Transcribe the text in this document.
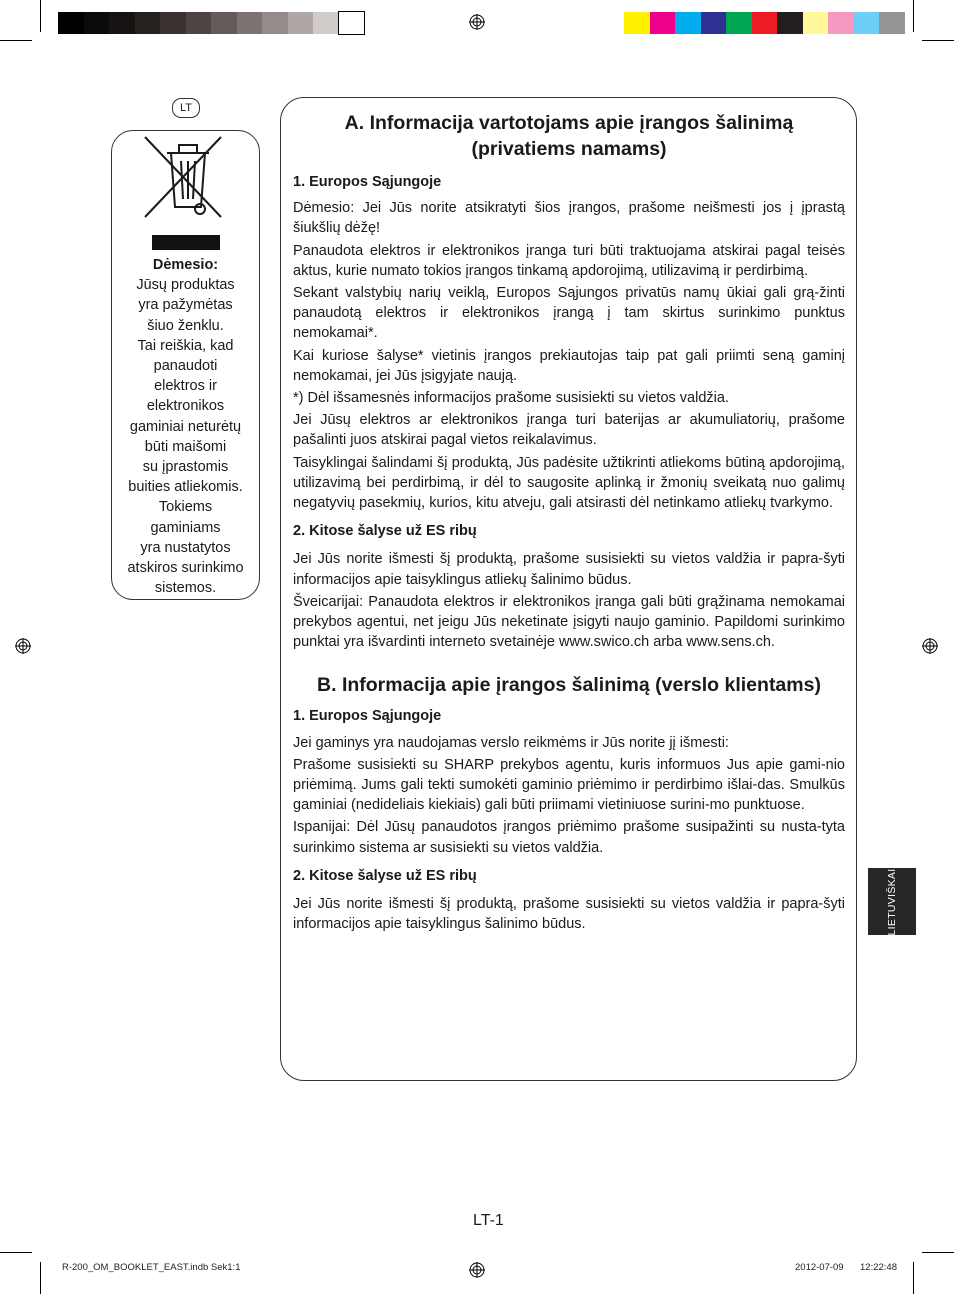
LT
Dėmesio:
Jūsų produktas
yra pažymėtas
šiuo ženklu.
Tai reiškia, kad
panaudoti
elektros ir
elektronikos
gaminiai neturėtų
būti maišomi
su įprastomis
buities atliekomis.
Tokiems
gaminiams
yra nustatytos
atskiros surinkimo
sistemos.
A. Informacija vartotojams apie įrangos šalinimą
(privatiems namams)
1. Europos Sąjungoje

Dėmesio: Jei Jūs norite atsikratyti šios įrangos, prašome neišmesti jos į įprastą šiukšlių dėžę!

Panaudota elektros ir elektronikos įranga turi būti traktuojama atskirai pagal teisės aktus, kurie numato tokios įrangos tinkamą apdorojimą, utilizavimą ir perdirbimą.

Sekant valstybių narių veiklą, Europos Sąjungos privatūs namų ūkiai gali grą-žinti panaudotą elektros ir elektronikos įrangą į tam skirtus surinkimo punktus nemokamai*.

Kai kuriose šalyse* vietinis įrangos prekiautojas taip pat gali priimti seną gaminį nemokamai, jei Jūs įsigyjate naują.

*) Dėl išsamesnės informacijos prašome susisiekti su vietos valdžia.

Jei Jūsų elektros ar elektronikos įranga turi baterijas ar akumuliatorių, prašome pašalinti juos atskirai pagal vietos reikalavimus.

Taisyklingai šalindami šį produktą, Jūs padėsite užtikrinti atliekoms būtiną apdorojimą, utilizavimą bei perdirbimą, ir dėl to saugosite aplinką ir žmonių sveikatą nuo galimų negatyvių pasekmių, kurios, kitu atveju, gali atsirasti dėl netinkamo atliekų tvarkymo.

2. Kitose šalyse už ES ribų

Jei Jūs norite išmesti šį produktą, prašome susisiekti su vietos valdžia ir papra-šyti informacijos apie taisyklingus atliekų šalinimo būdus.

Šveicarijai: Panaudota elektros ir elektronikos įranga gali būti grąžinama nemokamai prekybos agentui, net jeigu Jūs neketinate įsigyti naujo gaminio. Papildomi surinkimo punktai yra išvardinti interneto svetainėje www.swico.ch arba www.sens.ch.

B. Informacija apie įrangos šalinimą (verslo klientams)
1. Europos Sąjungoje

Jei gaminys yra naudojamas verslo reikmėms ir Jūs norite jį išmesti:

Prašome susisiekti su SHARP prekybos agentu, kuris informuos Jus apie gami-nio priėmimą. Jums gali tekti sumokėti gaminio priėmimo ir perdirbimo išlai-das. Smulkūs gaminiai (nedideliais kiekiais) gali būti priimami vietiniuose surini-mo punktuose.

Ispanijai: Dėl Jūsų panaudotos įrangos priėmimo prašome susipažinti su nusta-tyta surinkimo sistema ar susisiekti su vietos valdžia.

2. Kitose šalyse už ES ribų

Jei Jūs norite išmesti šį produktą, prašome susisiekti su vietos valdžia ir papra-šyti informacijos apie taisyklingus šalinimo būdus.	LIETUVIŠKAI
LT-1
R-200_OM_BOOKLET_EAST.indb Sek1:1	2012-07-09 12:22:48
